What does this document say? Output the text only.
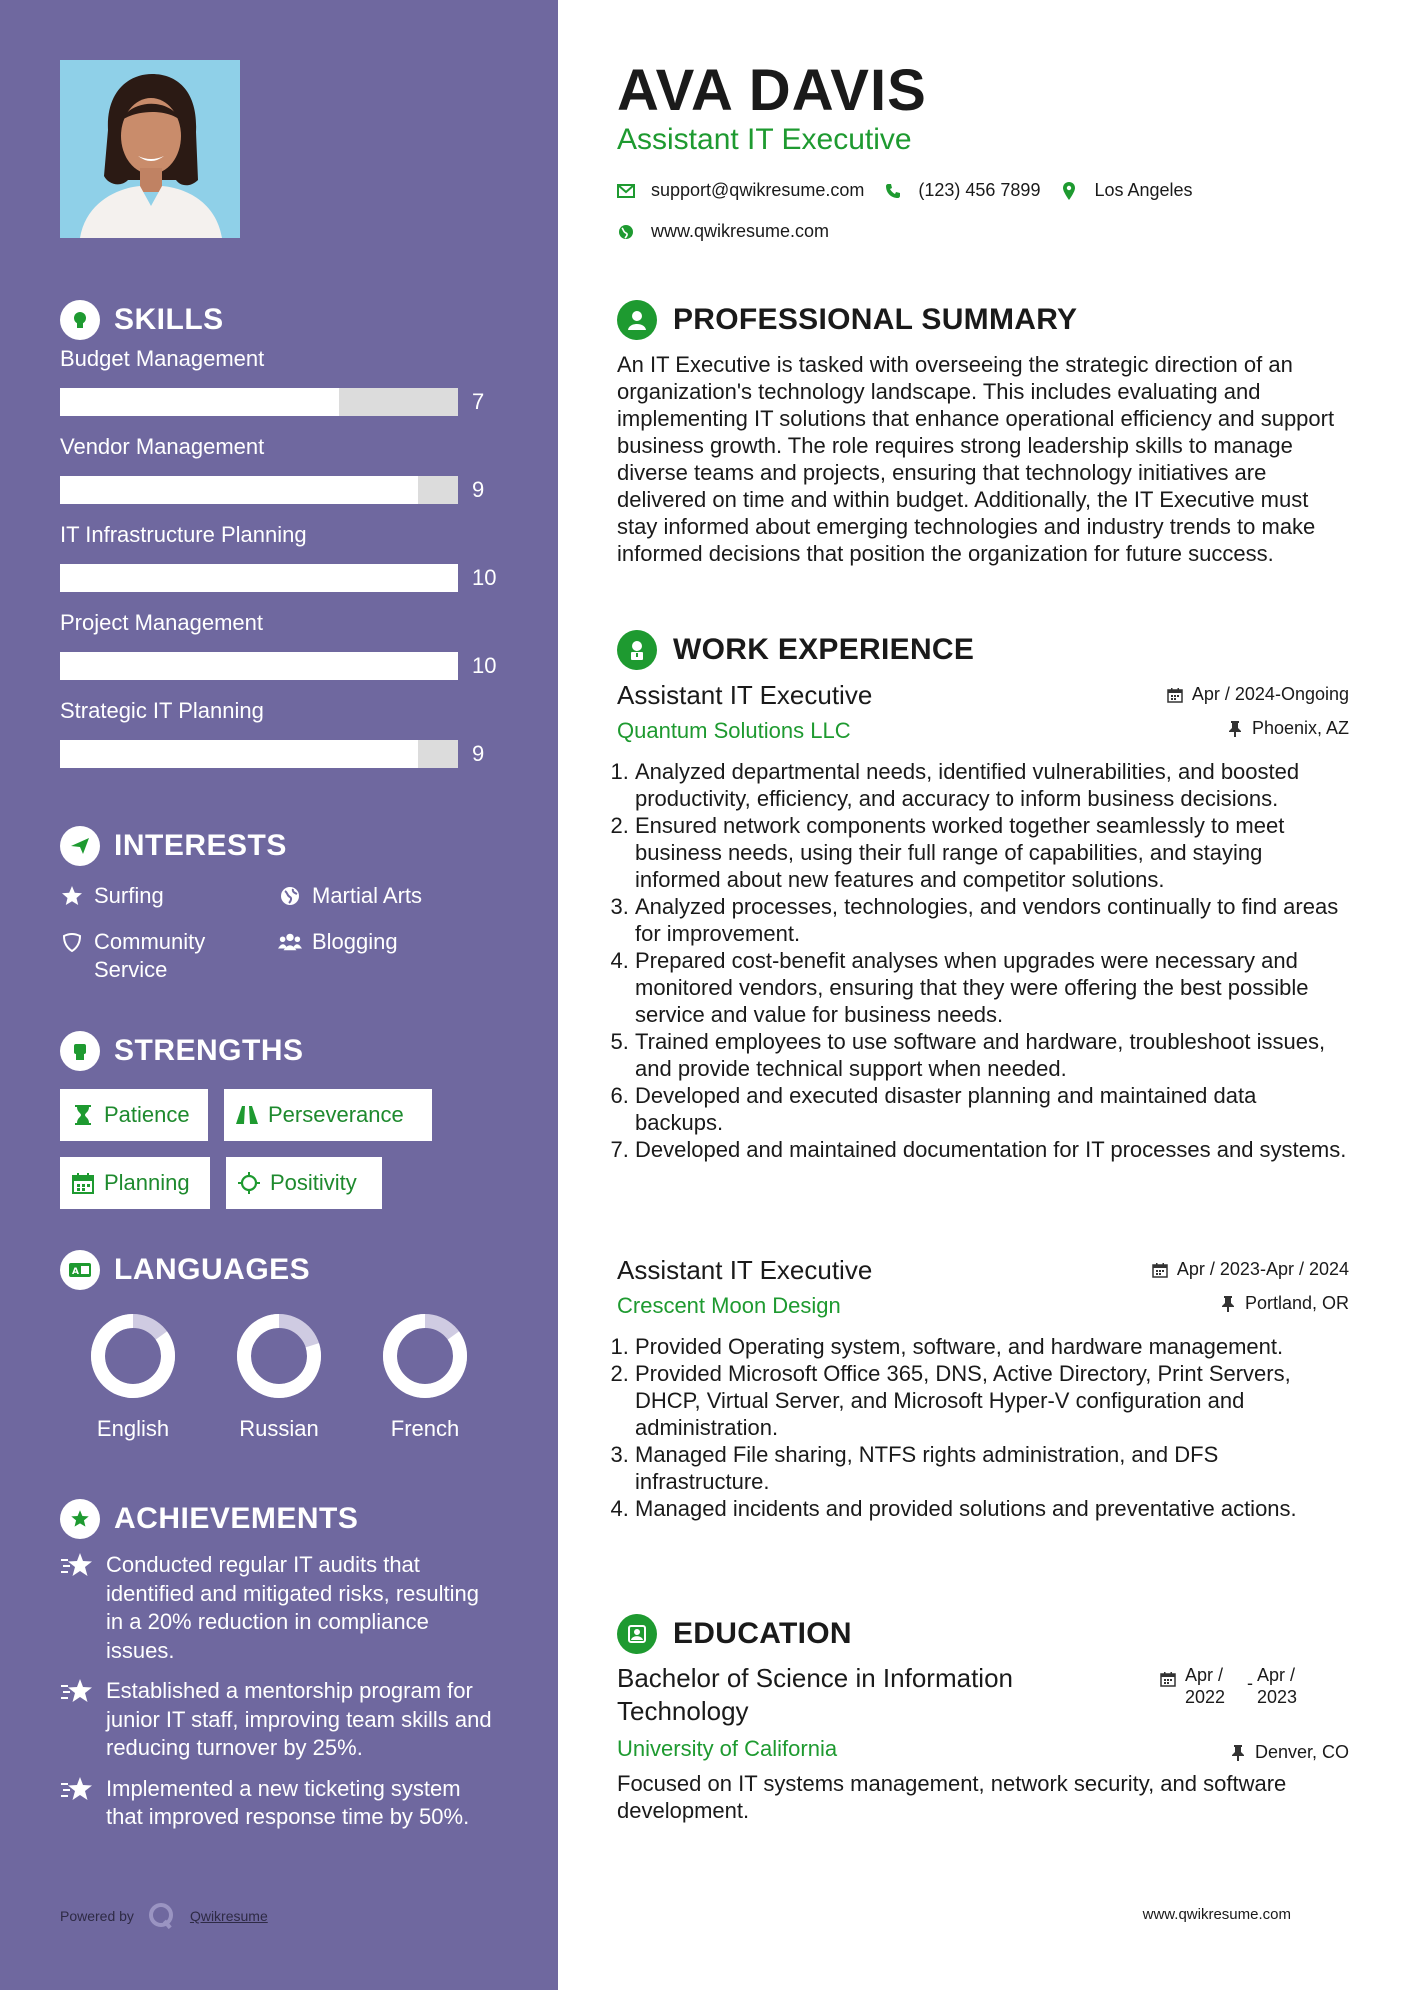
SKILLS
Budget Management
7
Vendor Management
9
IT Infrastructure Planning
10
Project Management
10
Strategic IT Planning
9
INTERESTS
Surfing	Martial Arts
Community Service
Blogging
STRENGTHS
Patience	Perseverance
Planning	Positivity
A LANGUAGES
English	Russian	French
ACHIEVEMENTS
Conducted regular IT audits that identified and mitigated risks, resulting in a 20% reduction in compliance issues.
Established a mentorship program for junior IT staff, improving team skills and reducing turnover by 25%.
Implemented a new ticketing system that improved response time by 50%.
Powered by	Qwikresume
AVA DAVIS
Assistant IT Executive
support@qwikresume.com	(123) 456 7899	Los Angeles
www.qwikresume.com
PROFESSIONAL SUMMARY

An IT Executive is tasked with overseeing the strategic direction of an organization's technology landscape. This includes evaluating and implementing IT solutions that enhance operational efficiency and support business growth. The role requires strong leadership skills to manage diverse teams and projects, ensuring that technology initiatives are delivered on time and within budget. Additionally, the IT Executive must stay informed about emerging technologies and industry trends to make informed decisions that position the organization for future success.

WORK EXPERIENCE
Assistant IT Executive
Quantum Solutions LLC
Apr / 2024-Ongoing
Phoenix, AZ
1. Analyzed departmental needs, identified vulnerabilities, and boosted productivity, efficiency, and accuracy to inform business decisions.
2. Ensured network components worked together seamlessly to meet business needs, using their full range of capabilities, and staying informed about new features and competitor solutions.
3. Analyzed processes, technologies, and vendors continually to find areas for improvement.
4. Prepared cost-benefit analyses when upgrades were necessary and monitored vendors, ensuring that they were offering the best possible service and value for business needs.
5. Trained employees to use software and hardware, troubleshoot issues, and provide technical support when needed.
6. Developed and executed disaster planning and maintained data backups.
7. Developed and maintained documentation for IT processes and systems.
Assistant IT Executive
Crescent Moon Design
Apr / 2023-Apr / 2024
Portland, OR
1. Provided Operating system, software, and hardware management.
2. Provided Microsoft Office 365, DNS, Active Directory, Print Servers, DHCP, Virtual Server, and Microsoft Hyper-V configuration and administration.
3. Managed File sharing, NTFS rights administration, and DFS infrastructure.
4. Managed incidents and provided solutions and preventative actions.
EDUCATION
Bachelor of Science in Information Technology
Apr / 2022
- Apr / 2023
University of California	Denver, CO
Focused on IT systems management, network security, and software development.
www.qwikresume.com
